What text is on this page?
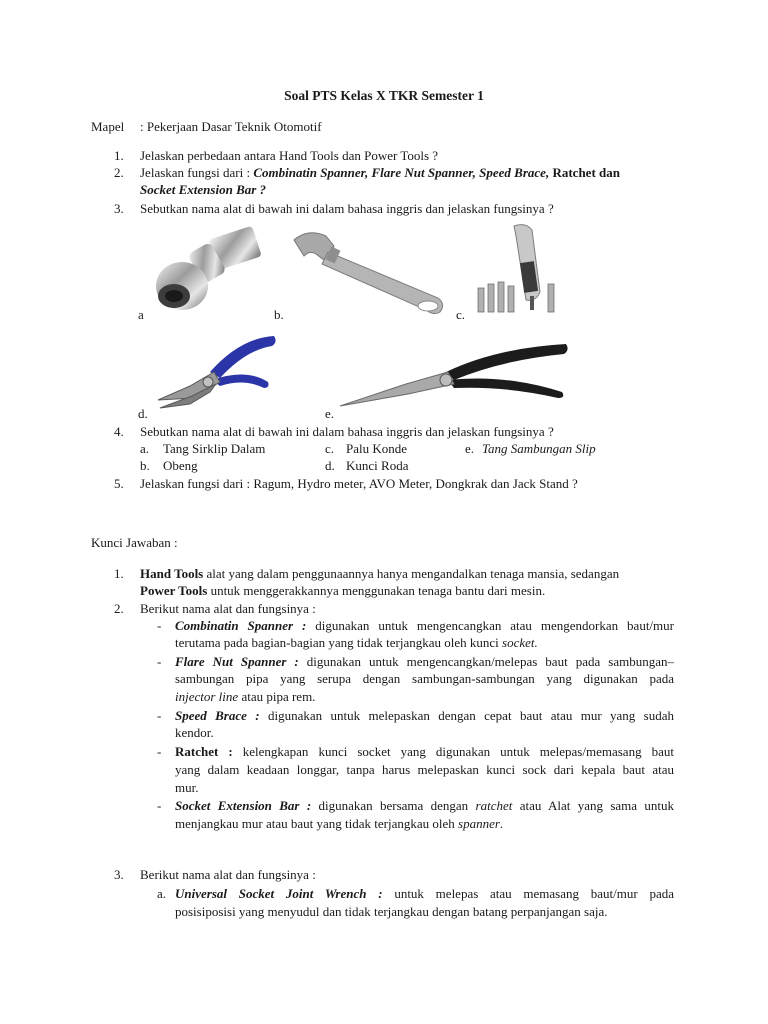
Soal PTS Kelas X TKR Semester 1
Mapel : Pekerjaan Dasar Teknik Otomotif
1.	Jelaskan perbedaan antara Hand Tools dan Power Tools ?
2.	Jelaskan fungsi dari : Combinatin Spanner, Flare Nut Spanner, Speed Brace, Ratchet dan
Socket Extension Bar ?
3.	Sebutkan nama alat di bawah ini dalam bahasa inggris dan jelaskan fungsinya ?
a	b.	c.
d.	e.
4.	Sebutkan nama alat di bawah ini dalam bahasa inggris dan jelaskan fungsinya ?
a. Tang Sirklip Dalam	c. Palu Konde	e. Tang Sambungan Slip
b. Obeng	d. Kunci Roda
5.	Jelaskan fungsi dari : Ragum, Hydro meter, AVO Meter, Dongkrak dan Jack Stand ?
Kunci Jawaban :
1.	Hand Tools alat yang dalam penggunaannya hanya mengandalkan tenaga mansia, sedangan
Power Tools untuk menggerakkannya menggunakan tenaga bantu dari mesin.
2.	Berikut nama alat dan fungsinya :
- Combinatin Spanner : digunakan untuk mengencangkan atau mengendorkan baut/mur
terutama pada bagian-bagian yang tidak terjangkau oleh kunci socket.
- Flare Nut Spanner : digunakan untuk mengencangkan/melepas baut pada sambungan–
sambungan pipa yang serupa dengan sambungan-sambungan yang digunakan pada
injector line atau pipa rem.
- Speed Brace : digunakan untuk melepaskan dengan cepat baut atau mur yang sudah
kendor.
- Ratchet : kelengkapan kunci socket yang digunakan untuk melepas/memasang baut
yang dalam keadaan longgar, tanpa harus melepaskan kunci sock dari kepala baut atau
mur.
- Socket Extension Bar : digunakan bersama dengan ratchet atau Alat yang sama untuk
menjangkau mur atau baut yang tidak terjangkau oleh spanner.
3.	Berikut nama alat dan fungsinya :
a. Universal Socket Joint Wrench : untuk melepas atau memasang baut/mur pada
posisiposisi yang menyudul dan tidak terjangkau dengan batang perpanjangan saja.
